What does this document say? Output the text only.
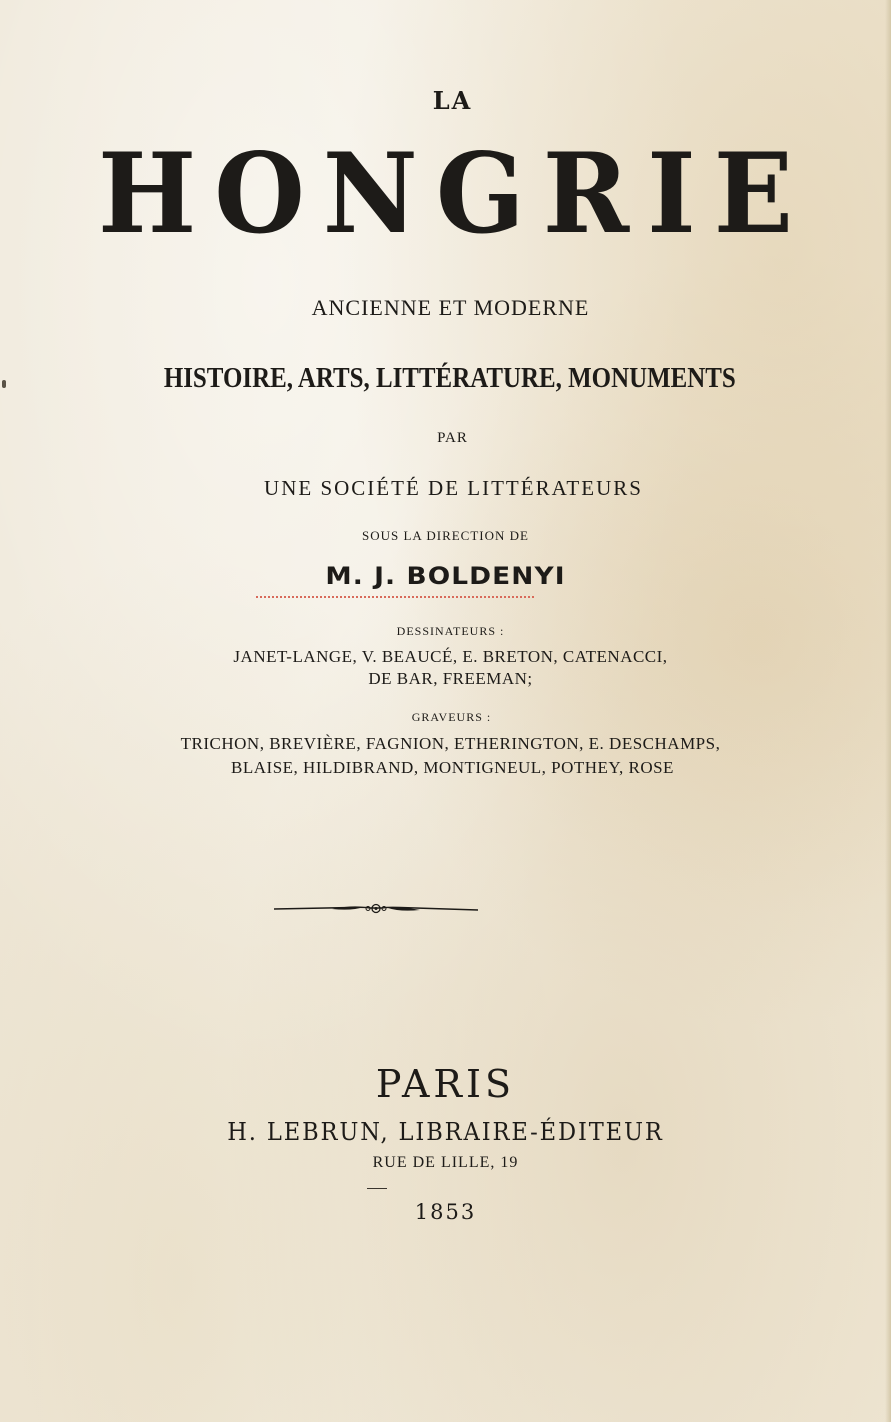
LA
HONGRIE
ANCIENNE ET MODERNE
HISTOIRE, ARTS, LITTÉRATURE, MONUMENTS
PAR
UNE SOCIÉTÉ DE LITTÉRATEURS
SOUS LA DIRECTION DE
M. J. BOLDENYI
DESSINATEURS :
JANET-LANGE, V. BEAUCÉ, E. BRETON, CATENACCI,
DE BAR, FREEMAN;
GRAVEURS :
TRICHON, BREVIÈRE, FAGNION, ETHERINGTON, E. DESCHAMPS,
BLAISE, HILDIBRAND, MONTIGNEUL, POTHEY, ROSE
PARIS
H. LEBRUN, LIBRAIRE-ÉDITEUR
RUE DE LILLE, 19
1853
